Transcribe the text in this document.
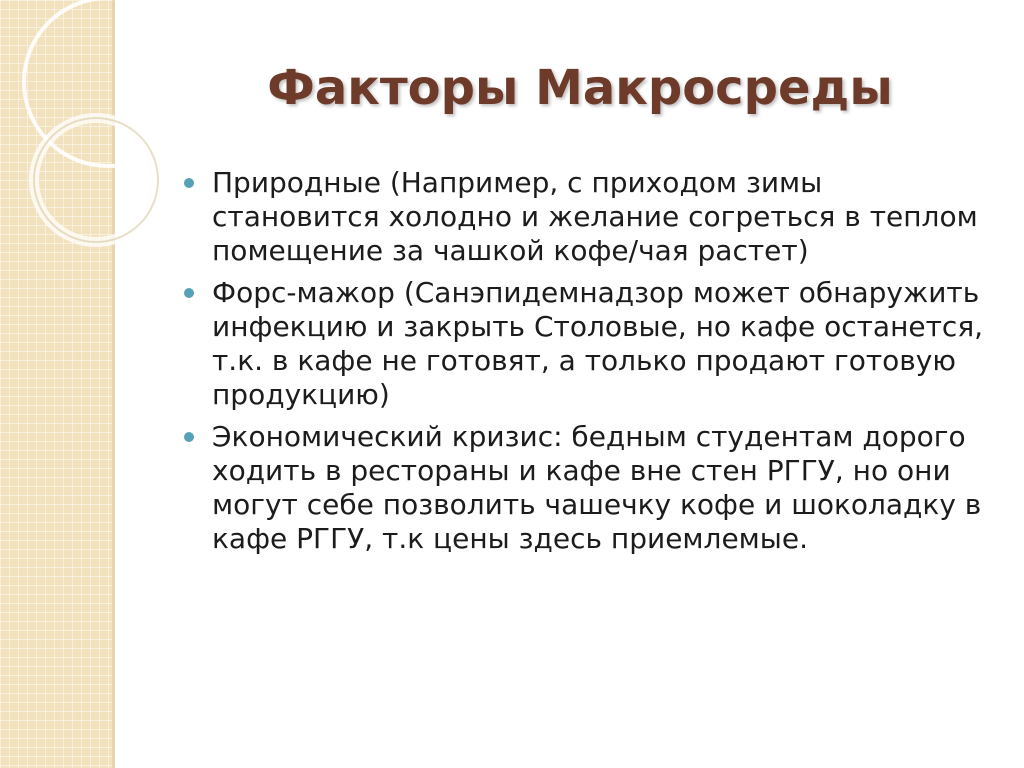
Факторы Макросреды
Природные (Например, с приходом зимы становится холодно и желание согреться в теплом помещение за чашкой кофе/чая растет)
Форс-мажор (Санэпидемнадзор может обнаружить инфекцию и закрыть Столовые, но кафе останется, т.к. в кафе не готовят, а только продают готовую продукцию)
Экономический кризис: бедным студентам дорого ходить в рестораны и кафе вне стен РГГУ, но они могут себе позволить чашечку кофе и шоколадку в кафе РГГУ, т.к цены здесь приемлемые.
